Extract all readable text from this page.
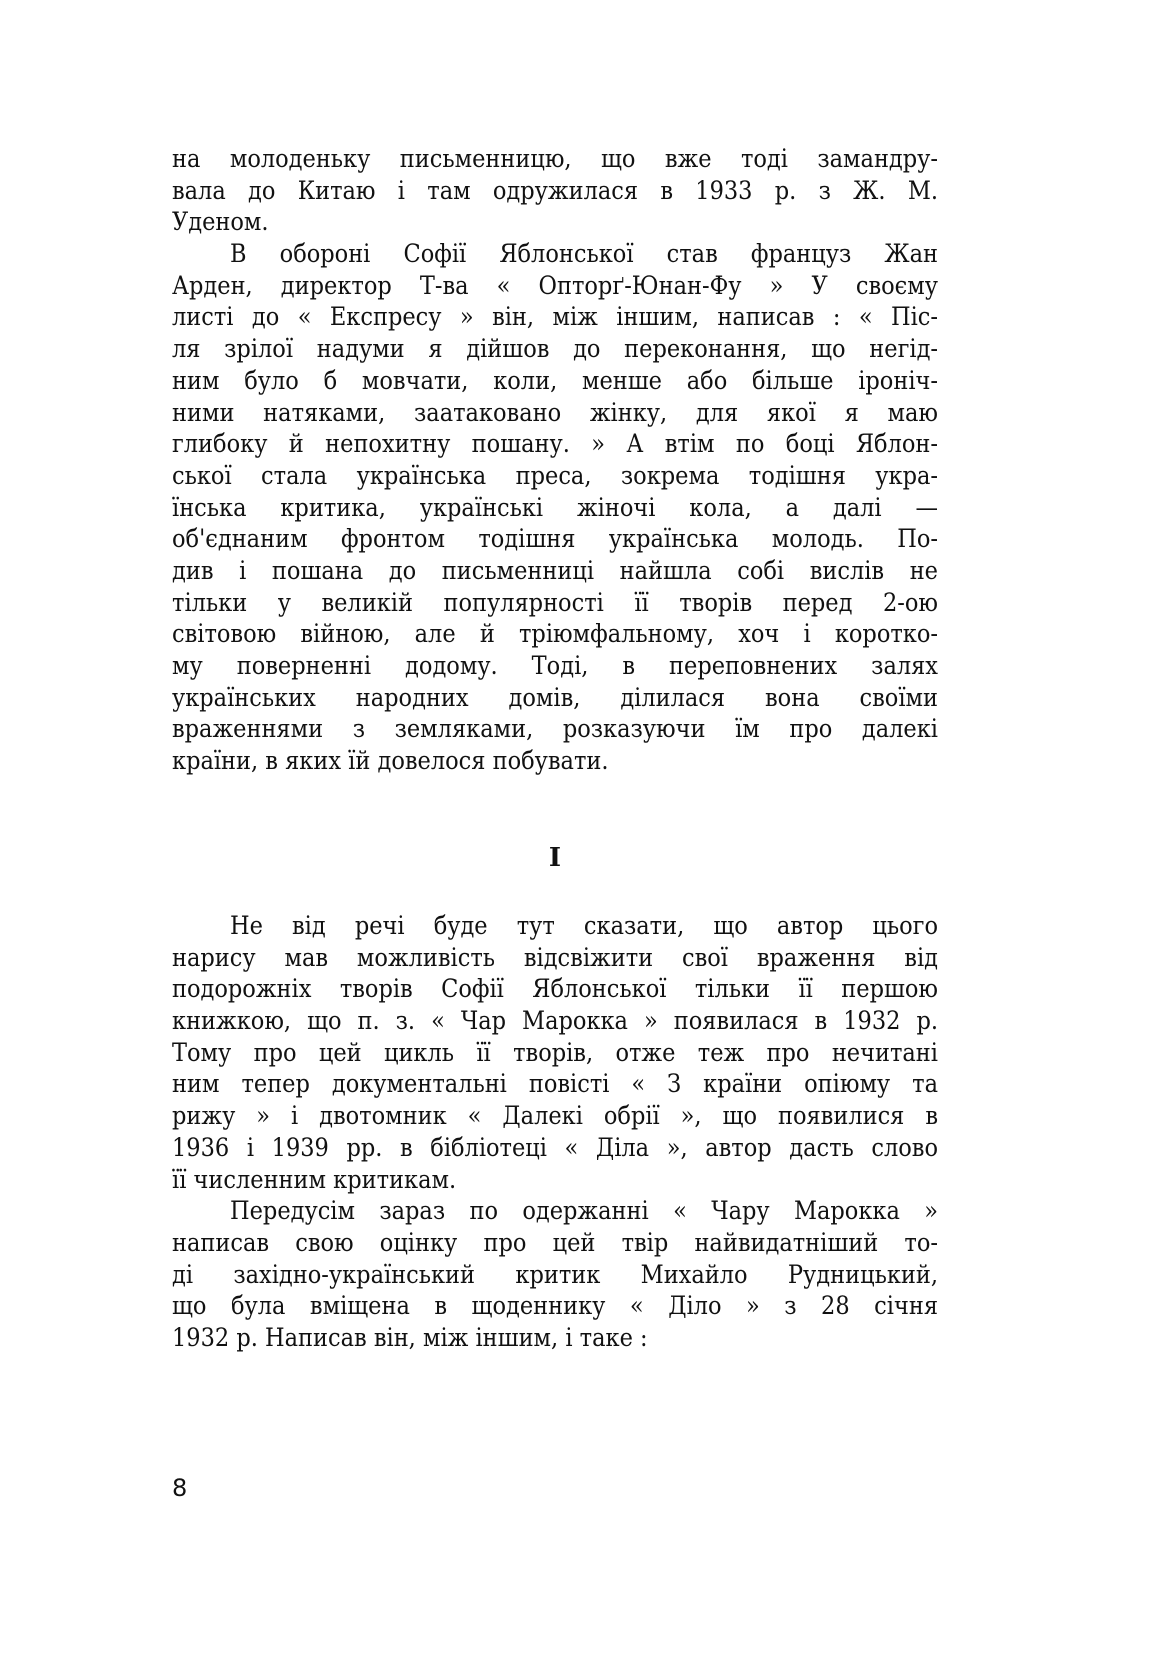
на молоденьку письменницю, що вже тоді замандру-
вала до Китаю і там одружилася в 1933 р. з Ж. М.
Уденом.
В обороні Софії Яблонської став француз Жан
Арден, директор Т-ва « Опторґ-Юнан-Фу » У своєму
листі до « Експресу » він, між іншим, написав : « Піс-
ля зрілої надуми я дійшов до переконання, що негід-
ним було б мовчати, коли, менше або більше іроніч-
ними натяками, заатаковано жінку, для якої я маю
глибоку й непохитну пошану. » А втім по боці Яблон-
ської стала українська преса, зокрема тодішня укра-
їнська критика, українські жіночі кола, а далі —
об'єднаним фронтом тодішня українська молодь. По-
див і пошана до письменниці найшла собі вислів не
тільки у великій популярності її творів перед 2-ою
світовою війною, але й тріюмфальному, хоч і коротко-
му поверненні додому. Тоді, в переповнених залях
українських народних домів, ділилася вона своїми
враженнями з земляками, розказуючи їм про далекі
країни, в яких їй довелося побувати.
I
Не від речі буде тут сказати, що автор цього
нарису мав можливість відсвіжити свої враження від
подорожніх творів Софії Яблонської тільки її першою
книжкою, що п. з. « Чар Марокка » появилася в 1932 р.
Тому про цей цикль її творів, отже теж про нечитані
ним тепер документальні повісті « З країни опіюму та
рижу » і двотомник « Далекі обрії », що появилися в
1936 і 1939 рр. в бібліотеці « Діла », автор дасть слово
її численним критикам.
Передусім зараз по одержанні « Чару Марокка »
написав свою оцінку про цей твір найвидатніший то-
ді західно-український критик Михайло Рудницький,
що була вміщена в щоденнику « Діло » з 28 січня
1932 р. Написав він, між іншим, і таке :
8
